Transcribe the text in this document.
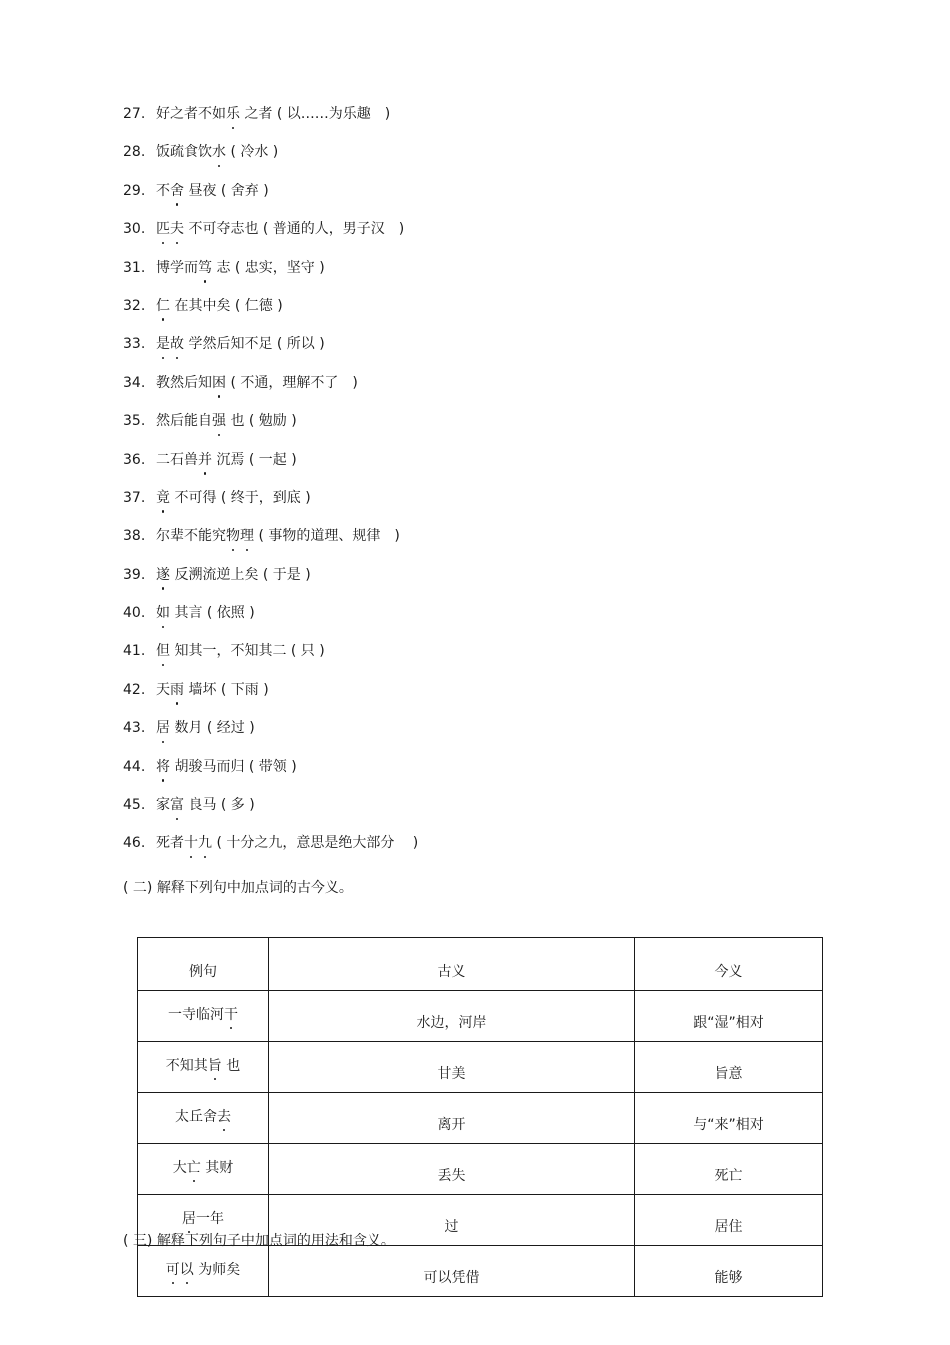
27. 好之者不如乐 之者 ( 以……为乐趣　)
28. 饭疏食饮水 ( 冷水 )
29. 不舍 昼夜 ( 舍弃 )
30. 匹夫 不可夺志也 ( 普通的人，男子汉　)
31. 博学而笃 志 ( 忠实，坚守 )
32. 仁 在其中矣 ( 仁德 )
33. 是故 学然后知不足 ( 所以 )
34. 教然后知困 ( 不通，理解不了　)
35. 然后能自强 也 ( 勉励 )
36. 二石兽并 沉焉 ( 一起 )
37. 竟 不可得 ( 终于，到底 )
38. 尔辈不能究物理 ( 事物的道理、规律　)
39. 遂 反溯流逆上矣 ( 于是 )
40. 如 其言 ( 依照 )
41. 但 知其一，不知其二 ( 只 )
42. 天雨 墙坏 ( 下雨 )
43. 居 数月 ( 经过 )
44. 将 胡骏马而归 ( 带领 )
45. 家富 良马 ( 多 )
46. 死者十九 ( 十分之九，意思是绝大部分　 )
( 二) 解释下列句中加点词的古今义。
例句	古义	今义
一寺临河干	水边，河岸	跟“湿”相对
不知其旨 也	甘美	旨意
太丘舍去	离开	与“来”相对
大亡 其财	丢失	死亡
居一年	过	居住
可以 为师矣	可以凭借	能够
( 三) 解释下列句子中加点词的用法和含义。
